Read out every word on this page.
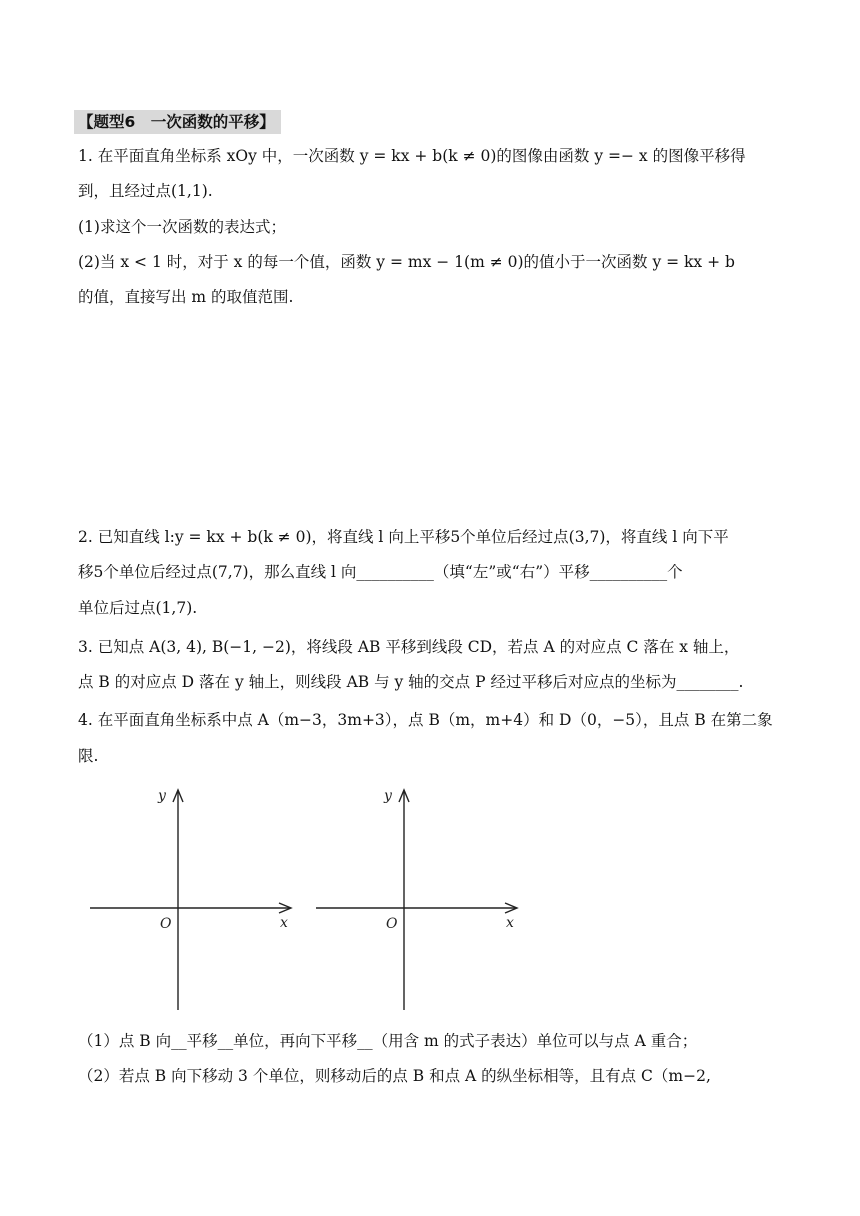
【题型6　一次函数的平移】
1. 在平面直角坐标系 xOy 中，一次函数 y = kx + b(k ≠ 0)的图像由函数 y =− x 的图像平移得
到，且经过点(1,1).
(1)求这个一次函数的表达式；
(2)当 x < 1 时，对于 x 的每一个值，函数 y = mx − 1(m ≠ 0)的值小于一次函数 y = kx + b
的值，直接写出 m 的取值范围.
2. 已知直线 l:y = kx + b(k ≠ 0)，将直线 l 向上平移5个单位后经过点(3,7)，将直线 l 向下平
移5个单位后经过点(7,7)，那么直线 l 向__________（填“左”或“右”）平移__________个
单位后过点(1,7).
3. 已知点 A(3, 4), B(−1, −2)，将线段 AB 平移到线段 CD，若点 A 的对应点 C 落在 x 轴上，
点 B 的对应点 D 落在 y 轴上，则线段 AB 与 y 轴的交点 P 经过平移后对应点的坐标为________.
4. 在平面直角坐标系中点 A（m−3，3m+3），点 B（m，m+4）和 D（0，−5），且点 B 在第二象
限.
y
x
O
y
x
O
（1）点 B 向__平移__单位，再向下平移__（用含 m 的式子表达）单位可以与点 A 重合；
（2）若点 B 向下移动 3 个单位，则移动后的点 B 和点 A 的纵坐标相等，且有点 C（m−2,
